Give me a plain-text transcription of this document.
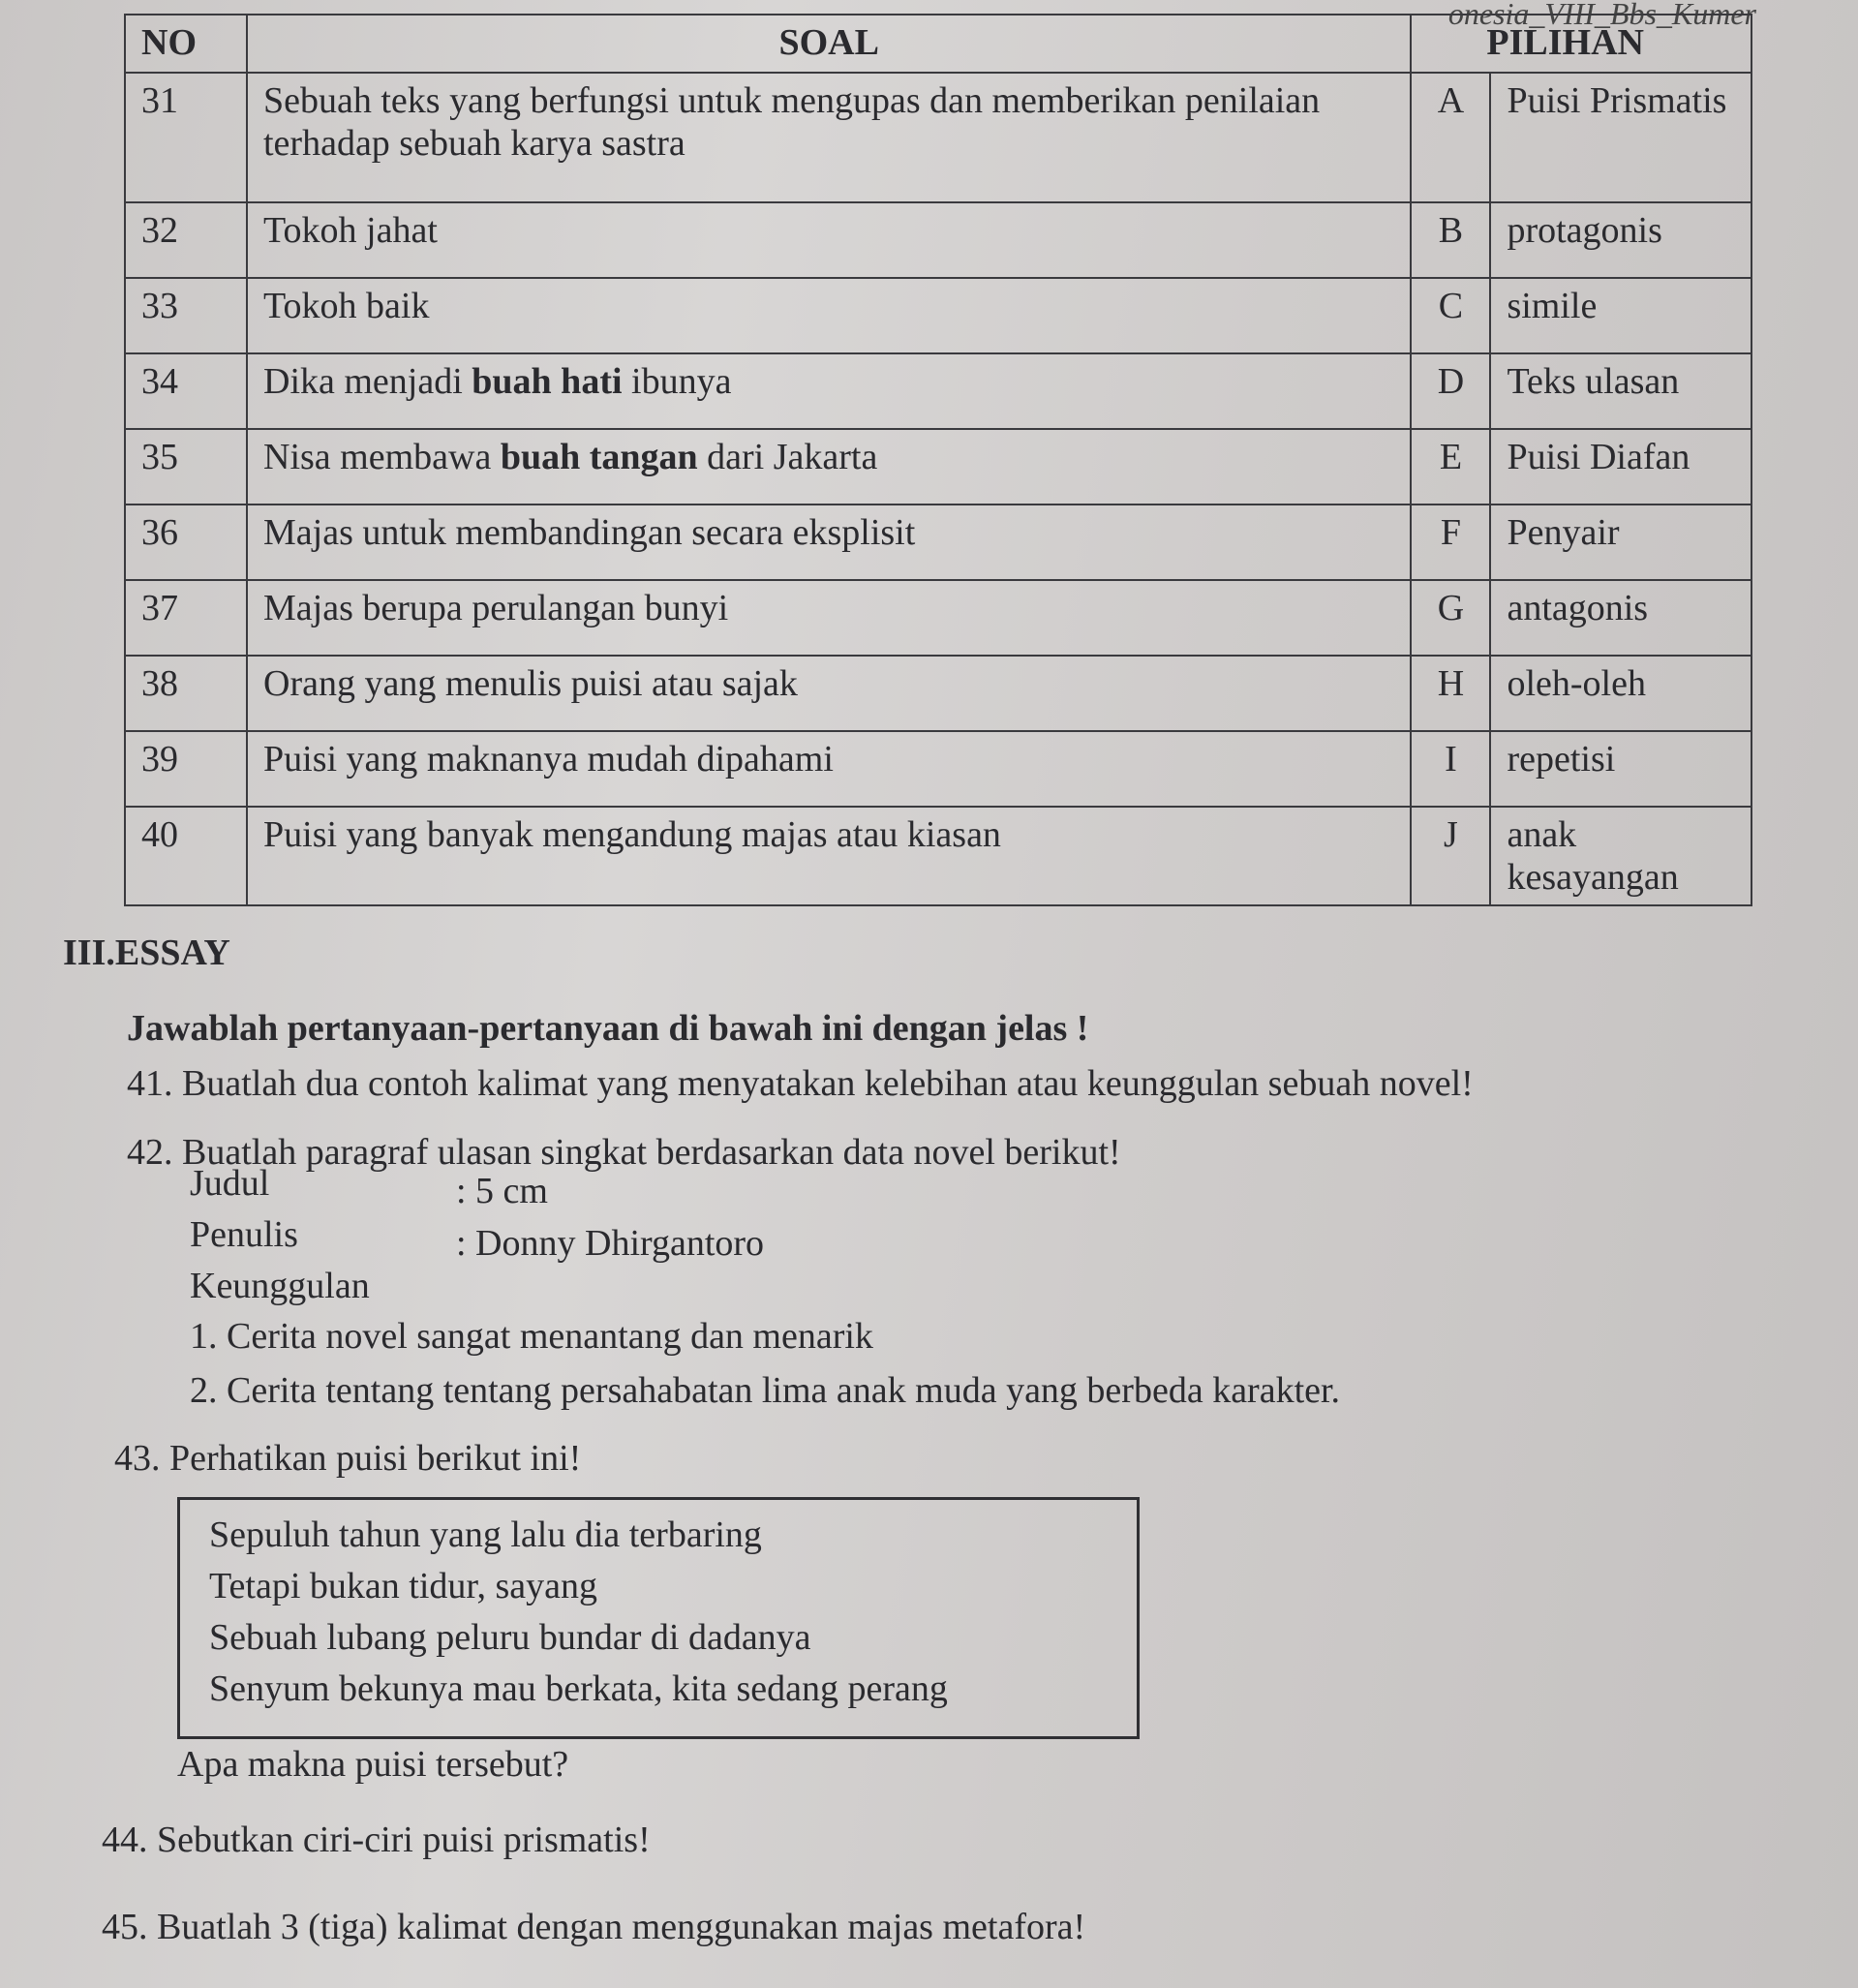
onesia_VIII_Bbs_Kumer
NO	SOAL	PILIHAN	
31	Sebuah teks yang berfungsi untuk mengupas dan memberikan penilaian terhadap sebuah karya sastra	A	Puisi Prismatis
32	Tokoh jahat	B	protagonis
33	Tokoh baik	C	simile
34	Dika menjadi buah hati ibunya	D	Teks ulasan
35	Nisa membawa buah tangan dari Jakarta	E	Puisi Diafan
36	Majas untuk membandingan secara eksplisit	F	Penyair
37	Majas berupa perulangan bunyi	G	antagonis
38	Orang yang menulis puisi atau sajak	H	oleh-oleh
39	Puisi yang maknanya mudah dipahami	I	repetisi
40	Puisi yang banyak mengandung majas atau kiasan	J	anak kesayangan
III.ESSAY
Jawablah pertanyaan-pertanyaan di bawah ini dengan jelas !
41. Buatlah dua contoh kalimat yang menyatakan kelebihan atau keunggulan sebuah novel!
42. Buatlah paragraf ulasan singkat berdasarkan data novel berikut!
Judul	: 5 cm
Penulis	: Donny Dhirgantoro
Keunggulan
1. Cerita novel sangat menantang dan menarik
2. Cerita tentang tentang persahabatan lima anak muda yang berbeda karakter.
43. Perhatikan puisi berikut ini!
Sepuluh tahun yang lalu dia terbaring
Tetapi bukan tidur, sayang
Sebuah lubang peluru bundar di dadanya
Senyum bekunya mau berkata, kita sedang perang
Apa makna puisi tersebut?
44. Sebutkan ciri-ciri puisi prismatis!
45. Buatlah 3 (tiga) kalimat dengan menggunakan majas metafora!
